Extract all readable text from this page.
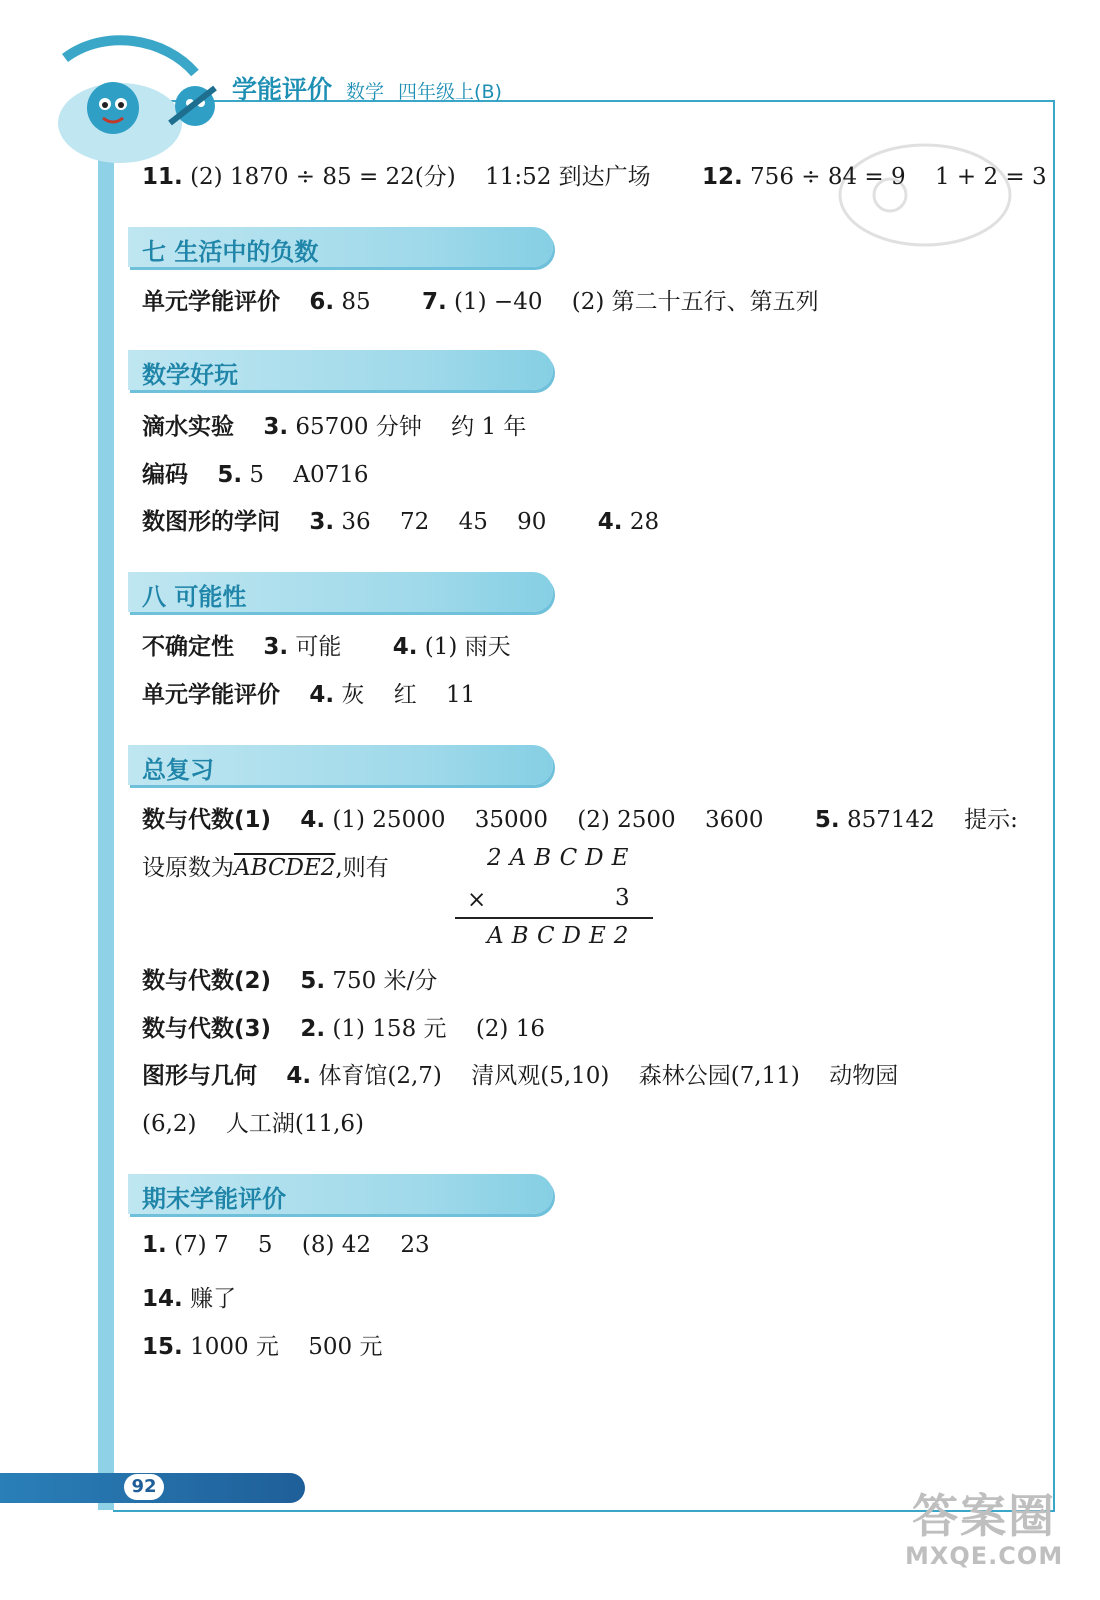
学能评价 数学 四年级上(B)
11. (2) 1870 ÷ 85 = 22(分) 11:52 到达广场 12. 756 ÷ 84 = 9 1 + 2 = 3
七 生活中的负数
单元学能评价 6. 85 7. (1) −40 (2) 第二十五行、第五列
数学好玩
滴水实验 3. 65700 分钟 约 1 年
编码 5. 5 A0716
数图形的学问 3. 36 72 45 90 4. 28
八 可能性
不确定性 3. 可能 4. (1) 雨天
单元学能评价 4. 灰 红 11
总复习
数与代数(1) 4. (1) 25000 35000 (2) 2500 3600 5. 857142 提示:
设原数为ABCDE2,则有	2ABCDE
×	3
ABCDE2
数与代数(2) 5. 750 米/分
数与代数(3) 2. (1) 158 元 (2) 16
图形与几何 4. 体育馆(2,7) 清风观(5,10) 森林公园(7,11) 动物园
(6,2) 人工湖(11,6)
期末学能评价
1. (7) 7 5 (8) 42 23
14. 赚了
15. 1000 元 500 元
92
答案圈
MXQE.COM
